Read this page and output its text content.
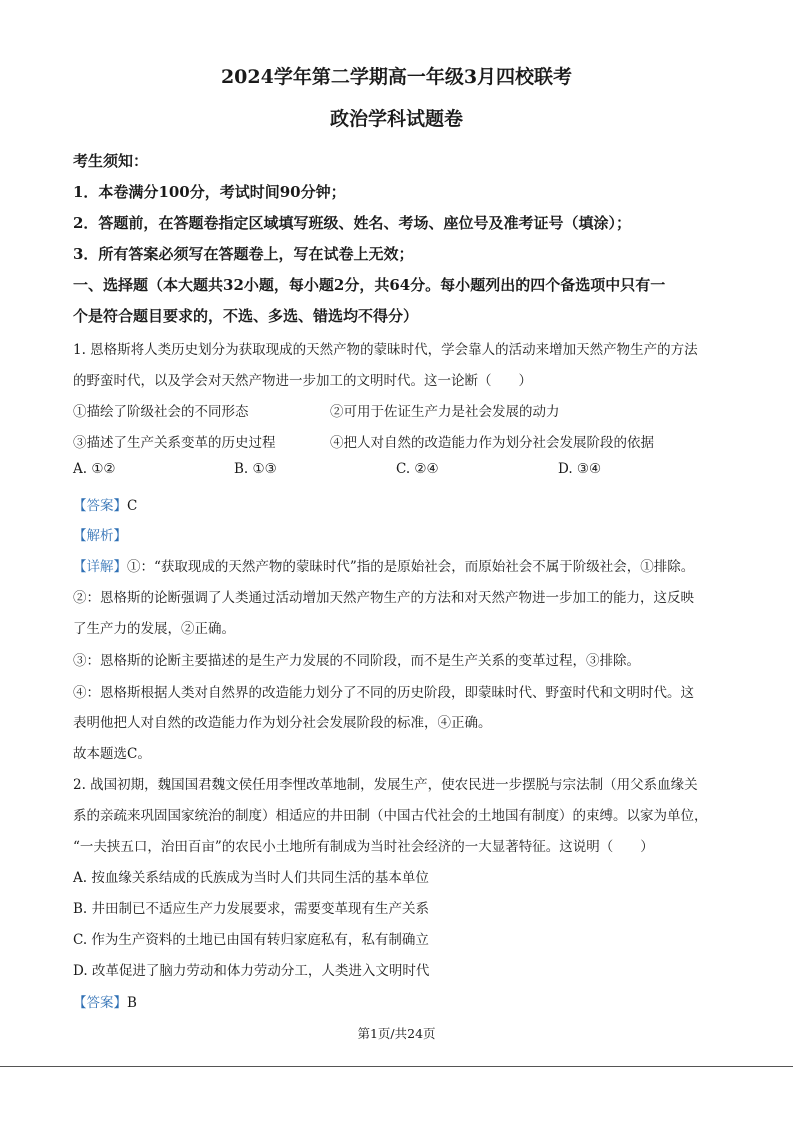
2024学年第二学期高一年级3月四校联考
政治学科试题卷
考生须知：
1．本卷满分100分，考试时间90分钟；
2．答题前，在答题卷指定区域填写班级、姓名、考场、座位号及准考证号（填涂）；
3．所有答案必须写在答题卷上，写在试卷上无效；
一、选择题（本大题共32小题，每小题2分，共64分。每小题列出的四个备选项中只有一
个是符合题目要求的，不选、多选、错选均不得分）
1. 恩格斯将人类历史划分为获取现成的天然产物的蒙昧时代，学会靠人的活动来增加天然产物生产的方法
的野蛮时代，以及学会对天然产物进一步加工的文明时代。这一论断（　　）
①描绘了阶级社会的不同形态	②可用于佐证生产力是社会发展的动力
③描述了生产关系变革的历史过程	④把人对自然的改造能力作为划分社会发展阶段的依据
A. ①②	B. ①③	C. ②④	D. ③④
【答案】C
【解析】
【详解】①：“获取现成的天然产物的蒙昧时代”指的是原始社会，而原始社会不属于阶级社会，①排除。
②：恩格斯的论断强调了人类通过活动增加天然产物生产的方法和对天然产物进一步加工的能力，这反映
了生产力的发展，②正确。
③：恩格斯的论断主要描述的是生产力发展的不同阶段，而不是生产关系的变革过程，③排除。
④：恩格斯根据人类对自然界的改造能力划分了不同的历史阶段，即蒙昧时代、野蛮时代和文明时代。这
表明他把人对自然的改造能力作为划分社会发展阶段的标准，④正确。
故本题选C。
2. 战国初期，魏国国君魏文侯任用李悝改革地制，发展生产，使农民进一步摆脱与宗法制（用父系血缘关
系的亲疏来巩固国家统治的制度）相适应的井田制（中国古代社会的土地国有制度）的束缚。以家为单位，
“一夫挟五口，治田百亩”的农民小土地所有制成为当时社会经济的一大显著特征。这说明（　　）
A. 按血缘关系结成的氏族成为当时人们共同生活的基本单位
B. 井田制已不适应生产力发展要求，需要变革现有生产关系
C. 作为生产资料的土地已由国有转归家庭私有，私有制确立
D. 改革促进了脑力劳动和体力劳动分工，人类进入文明时代
【答案】B
第1页/共24页
